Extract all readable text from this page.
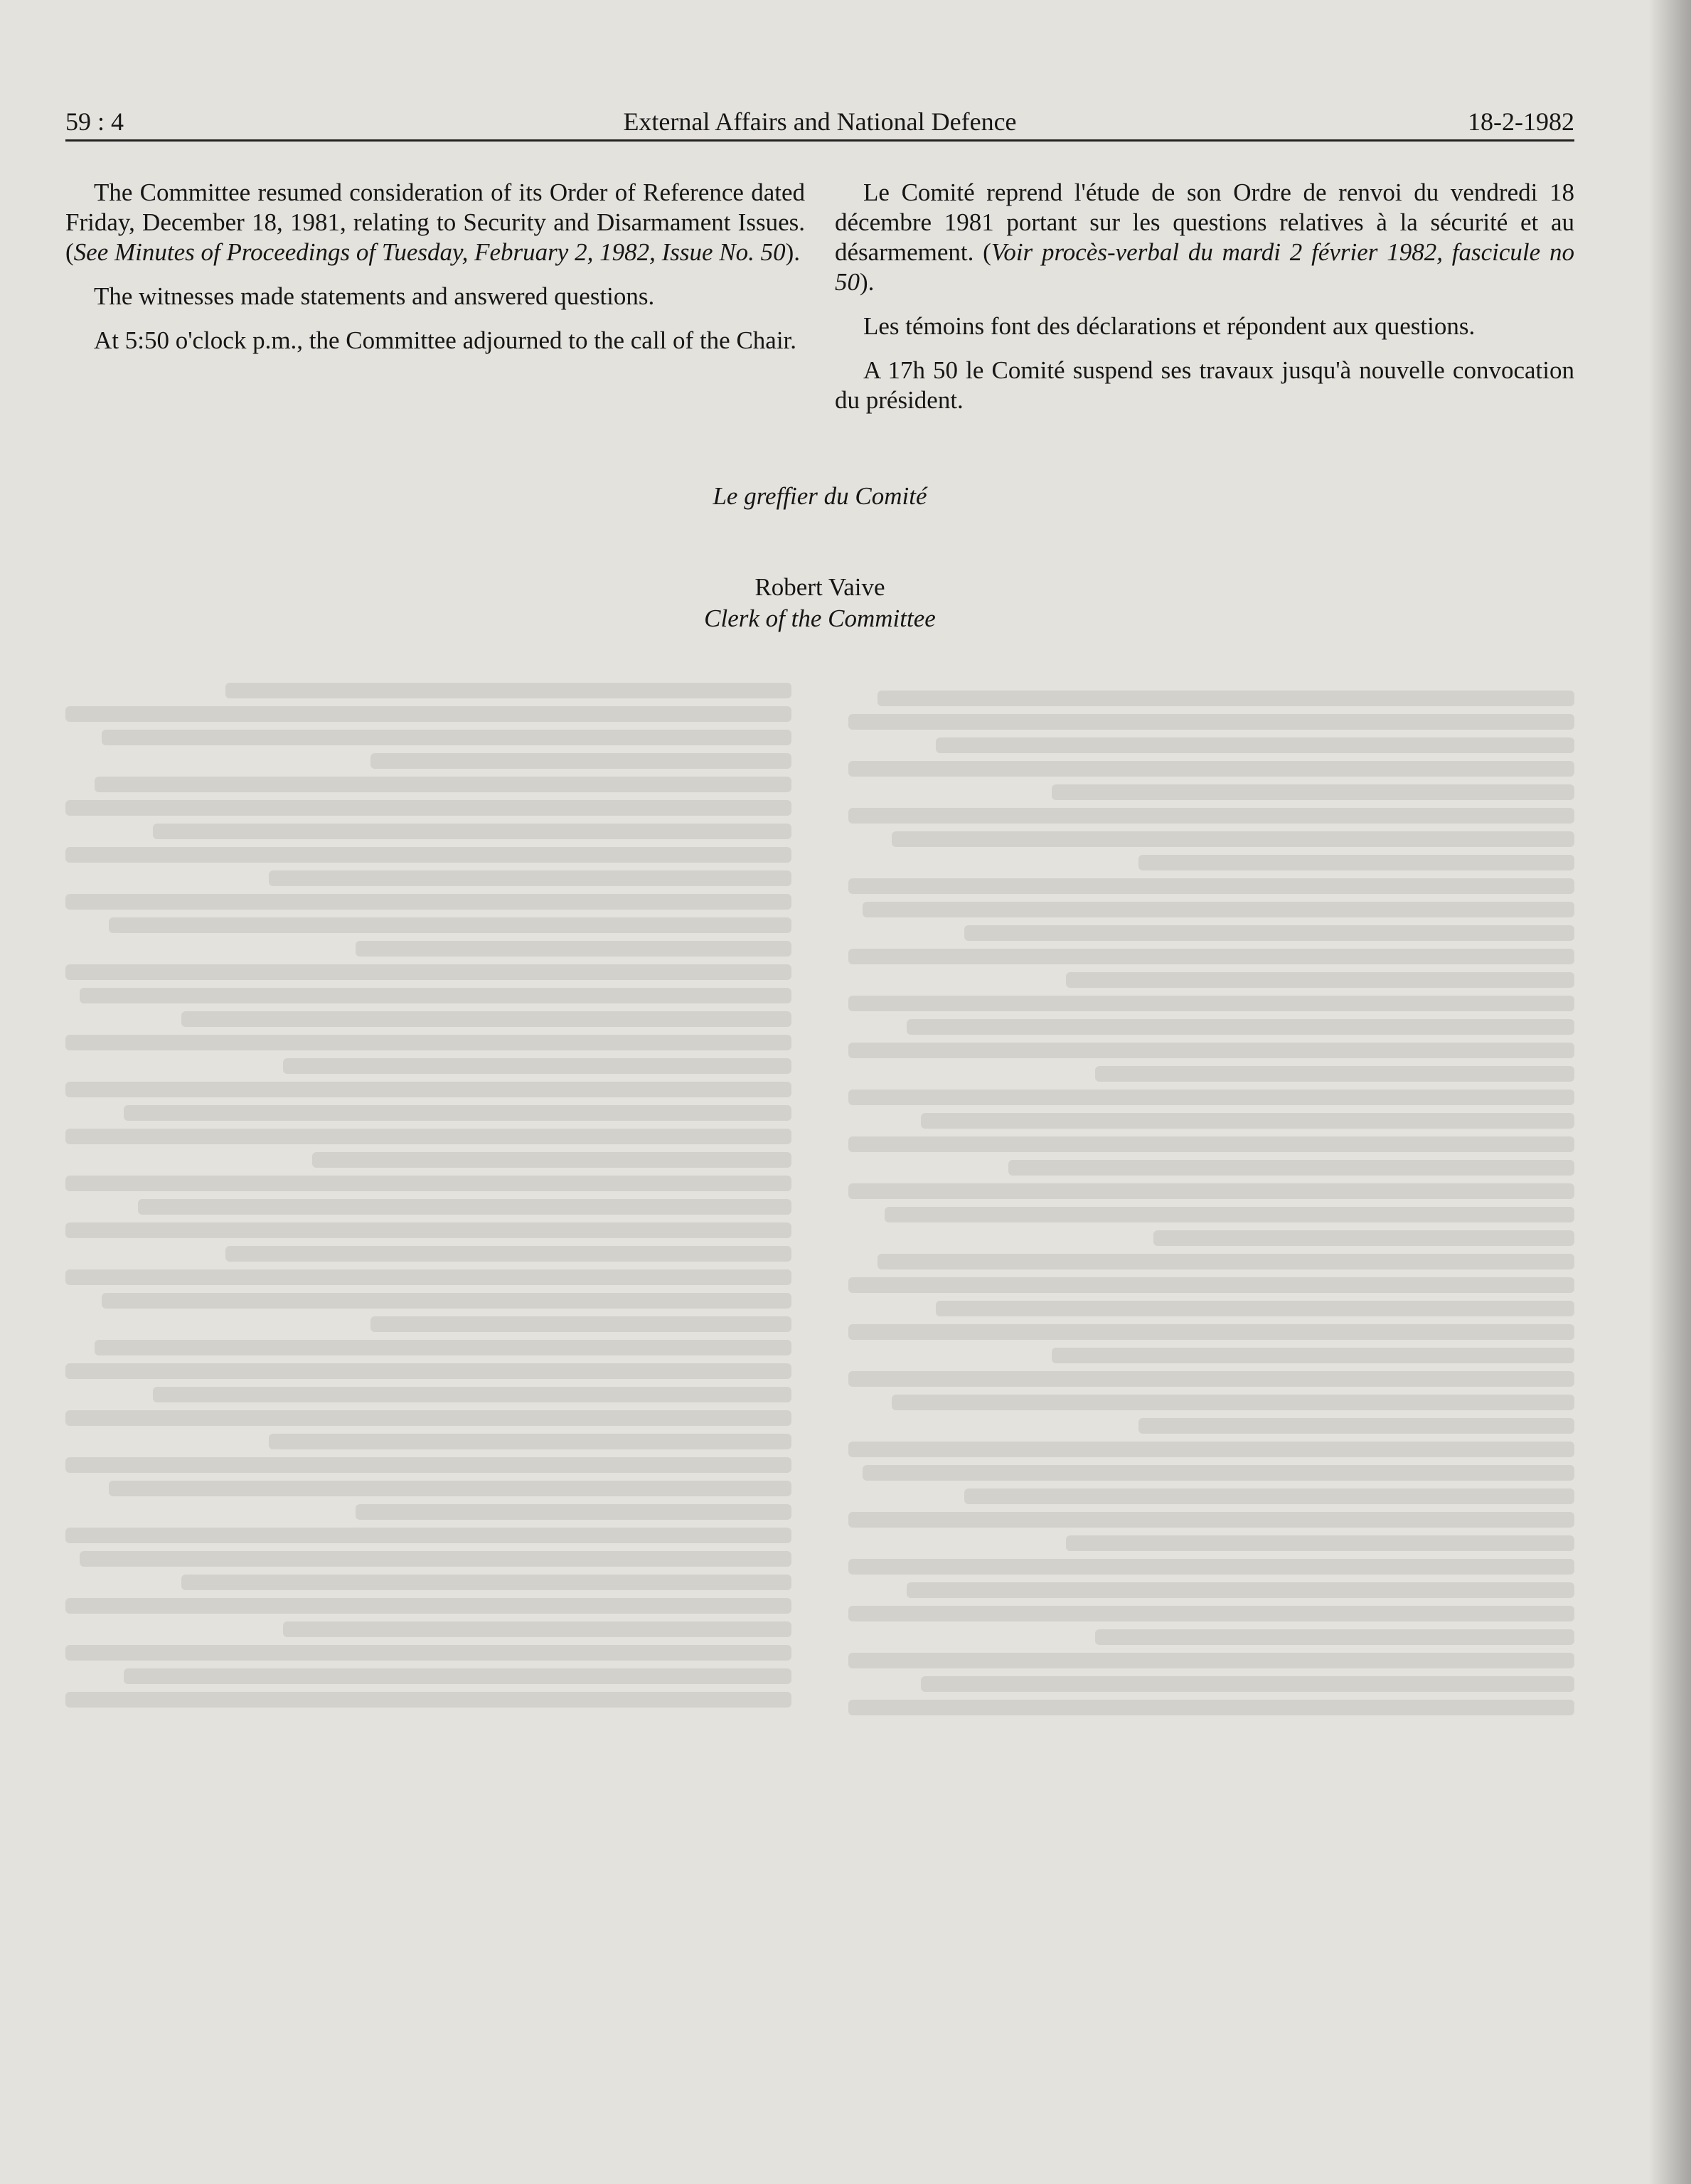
59 : 4	External Affairs and National Defence	18-2-1982

The Committee resumed consideration of its Order of Reference dated Friday, December 18, 1981, relating to Security and Disarmament Issues. (See Minutes of Proceedings of Tuesday, February 2, 1982, Issue No. 50).

The witnesses made statements and answered questions.

At 5:50 o'clock p.m., the Committee adjourned to the call of the Chair.

Le Comité reprend l'étude de son Ordre de renvoi du vendredi 18 décembre 1981 portant sur les questions relatives à la sécurité et au désarmement. (Voir procès-verbal du mardi 2 février 1982, fascicule no 50).

Les témoins font des déclarations et répondent aux questions.

A 17h 50 le Comité suspend ses travaux jusqu'à nouvelle convocation du président.

Le greffier du Comité
Robert Vaive
Clerk of the Committee
